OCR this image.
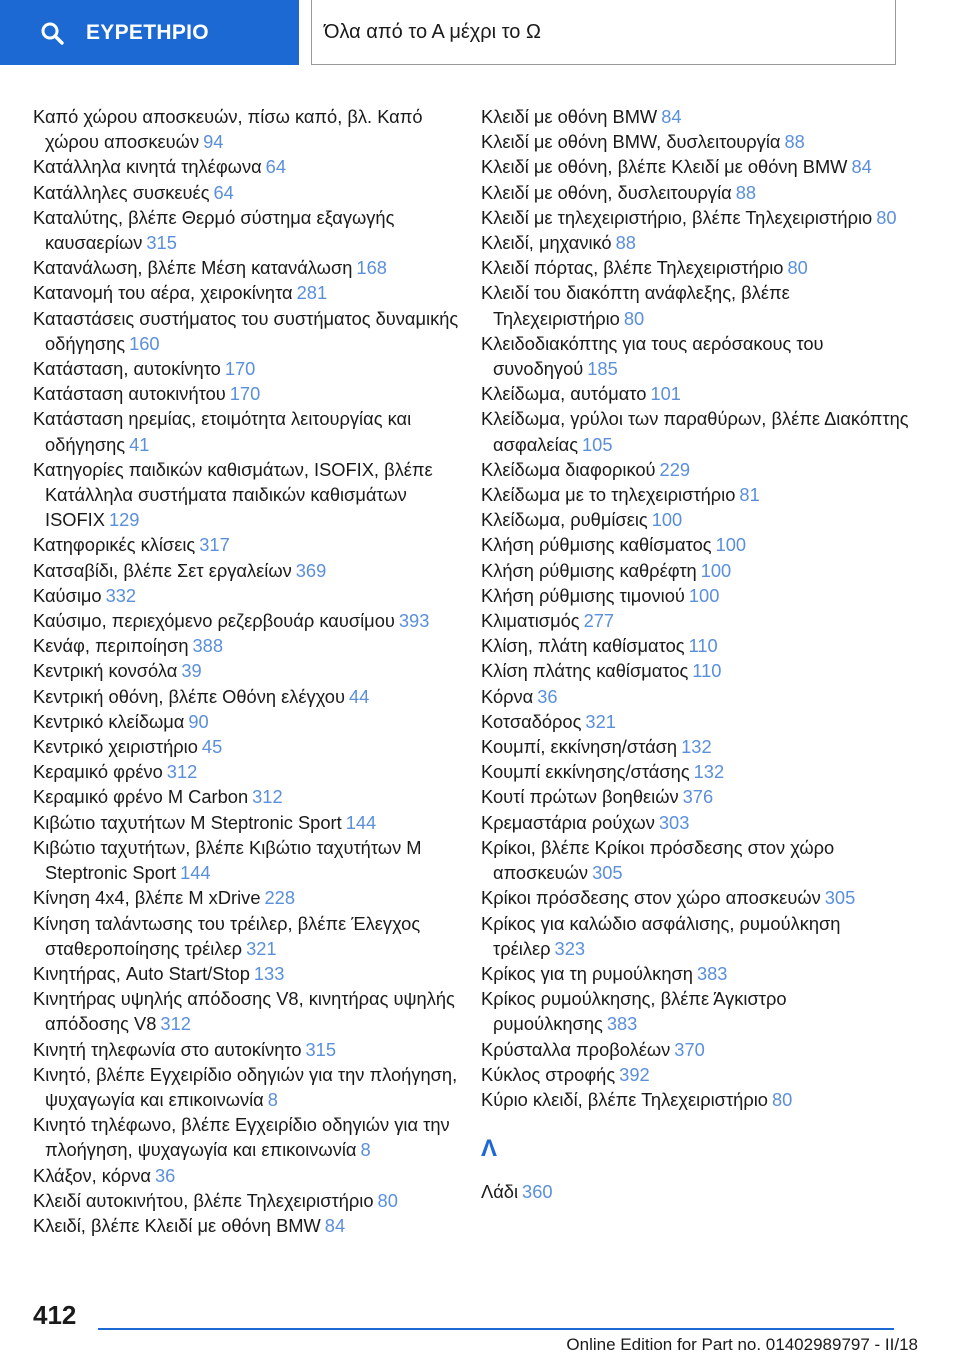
ΕΥΡΕΤΗΡΙΟ	Όλα από το Α μέχρι το Ω
Καπό χώρου αποσκευών, πίσω καπό, βλ. Καπό χώρου αποσκευών 94
Κατάλληλα κινητά τηλέφωνα 64
Κατάλληλες συσκευές 64
Καταλύτης, βλέπε Θερμό σύστημα εξαγωγής καυσαερίων 315
Κατανάλωση, βλέπε Μέση κατανάλωση 168
Κατανομή του αέρα, χειροκίνητα 281
Καταστάσεις συστήματος του συστήματος δυναμικής οδήγησης 160
Κατάσταση, αυτοκίνητο 170
Κατάσταση αυτοκινήτου 170
Κατάσταση ηρεμίας, ετοιμότητα λειτουργίας και οδήγησης 41
Κατηγορίες παιδικών καθισμάτων, ISOFIX, βλέπε Κατάλληλα συστήματα παιδικών καθισμάτων ISOFIX 129
Κατηφορικές κλίσεις 317
Κατσαβίδι, βλέπε Σετ εργαλείων 369
Καύσιμο 332
Καύσιμο, περιεχόμενο ρεζερβουάρ καυσίμου 393
Κενάφ, περιποίηση 388
Κεντρική κονσόλα 39
Κεντρική οθόνη, βλέπε Οθόνη ελέγχου 44
Κεντρικό κλείδωμα 90
Κεντρικό χειριστήριο 45
Κεραμικό φρένο 312
Κεραμικό φρένο M Carbon 312
Κιβώτιο ταχυτήτων M Steptronic Sport 144
Κιβώτιο ταχυτήτων, βλέπε Κιβώτιο ταχυτήτων M Steptronic Sport 144
Κίνηση 4x4, βλέπε M xDrive 228
Κίνηση ταλάντωσης του τρέιλερ, βλέπε Έλεγχος σταθεροποίησης τρέιλερ 321
Κινητήρας, Auto Start/Stop 133
Κινητήρας υψηλής απόδοσης V8, κινητήρας υψηλής απόδοσης V8 312
Κινητή τηλεφωνία στο αυτοκίνητο 315
Κινητό, βλέπε Εγχειρίδιο οδηγιών για την πλοήγηση, ψυχαγωγία και επικοινωνία 8
Κινητό τηλέφωνο, βλέπε Εγχειρίδιο οδηγιών για την πλοήγηση, ψυχαγωγία και επικοινωνία 8
Κλάξον, κόρνα 36
Κλειδί αυτοκινήτου, βλέπε Τηλεχειριστήριο 80
Κλειδί, βλέπε Κλειδί με οθόνη BMW 84
Κλειδί με οθόνη BMW 84
Κλειδί με οθόνη BMW, δυσλειτουργία 88
Κλειδί με οθόνη, βλέπε Κλειδί με οθόνη BMW 84
Κλειδί με οθόνη, δυσλειτουργία 88
Κλειδί με τηλεχειριστήριο, βλέπε Τηλεχειριστήριο 80
Κλειδί, μηχανικό 88
Κλειδί πόρτας, βλέπε Τηλεχειριστήριο 80
Κλειδί του διακόπτη ανάφλεξης, βλέπε Τηλεχειριστήριο 80
Κλειδοδιακόπτης για τους αερόσακους του συνοδηγού 185
Κλείδωμα, αυτόματο 101
Κλείδωμα, γρύλοι των παραθύρων, βλέπε Διακόπτης ασφαλείας 105
Κλείδωμα διαφορικού 229
Κλείδωμα με το τηλεχειριστήριο 81
Κλείδωμα, ρυθμίσεις 100
Κλήση ρύθμισης καθίσματος 100
Κλήση ρύθμισης καθρέφτη 100
Κλήση ρύθμισης τιμονιού 100
Κλιματισμός 277
Κλίση, πλάτη καθίσματος 110
Κλίση πλάτης καθίσματος 110
Κόρνα 36
Κοτσαδόρος 321
Κουμπί, εκκίνηση/στάση 132
Κουμπί εκκίνησης/στάσης 132
Κουτί πρώτων βοηθειών 376
Κρεμαστάρια ρούχων 303
Κρίκοι, βλέπε Κρίκοι πρόσδεσης στον χώρο αποσκευών 305
Κρίκοι πρόσδεσης στον χώρο αποσκευών 305
Κρίκος για καλώδιο ασφάλισης, ρυμούλκηση τρέιλερ 323
Κρίκος για τη ρυμούλκηση 383
Κρίκος ρυμούλκησης, βλέπε Άγκιστρο ρυμούλκησης 383
Κρύσταλλα προβολέων 370
Κύκλος στροφής 392
Κύριο κλειδί, βλέπε Τηλεχειριστήριο 80
Λ
Λάδι 360
412
Online Edition for Part no. 01402989797 - II/18
